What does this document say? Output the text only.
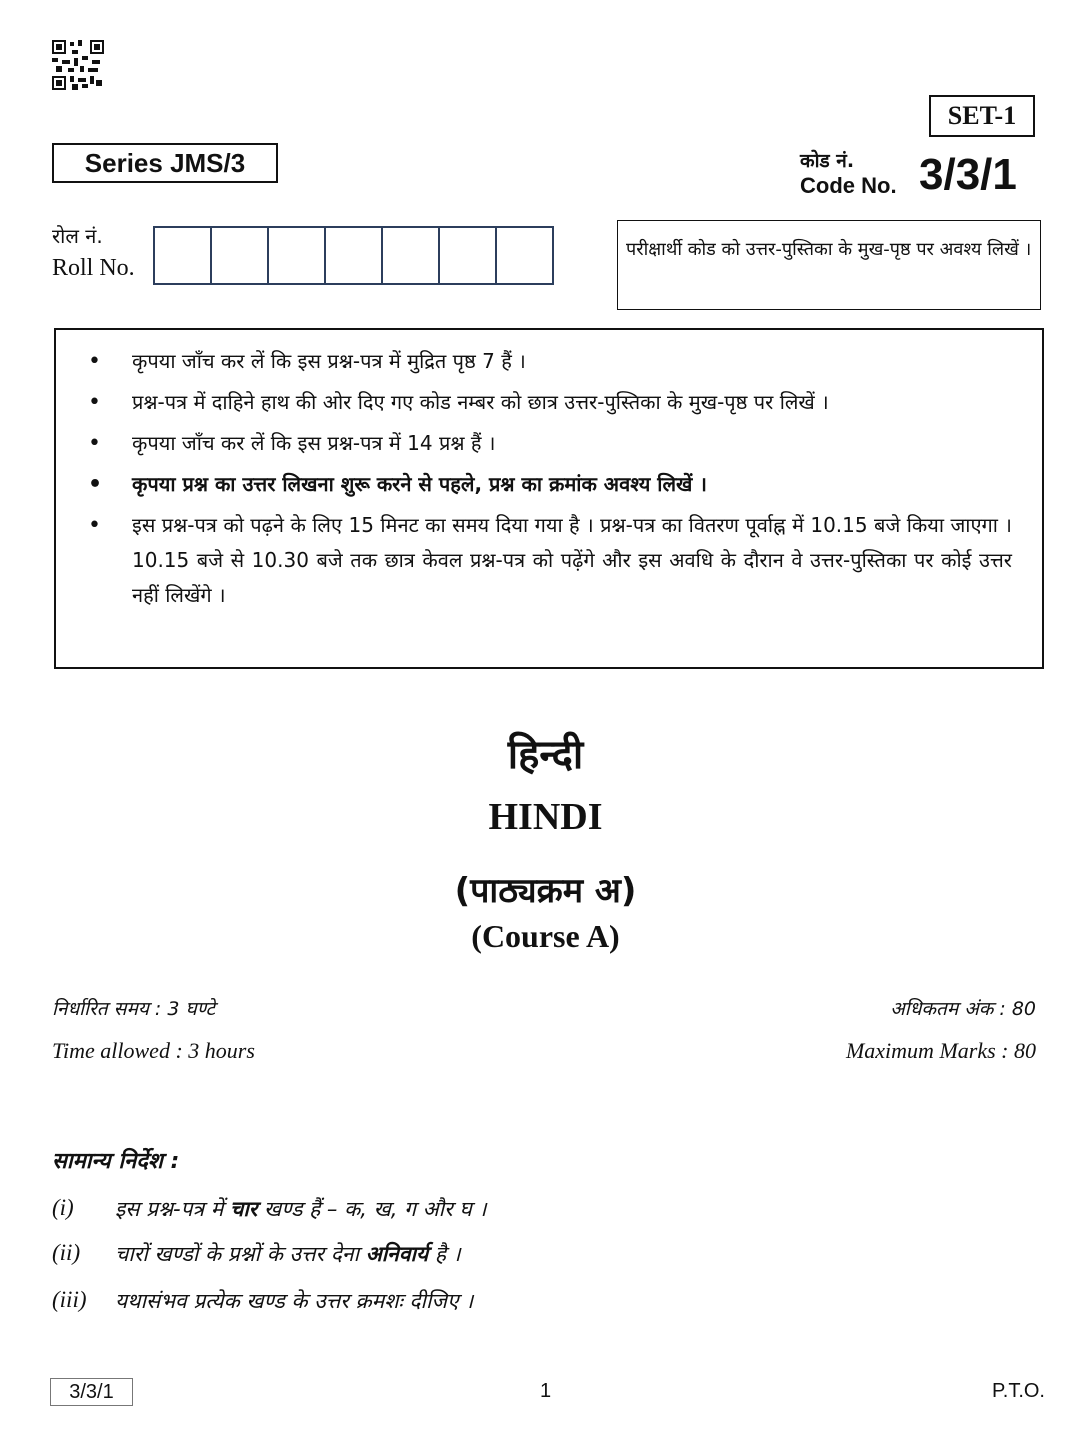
SET-1
Series JMS/3	कोड नं.
Code No. 3/3/1
रोल नं.
Roll No.
परीक्षार्थी कोड को उत्तर-पुस्तिका के मुख-पृष्ठ पर अवश्य लिखें ।
• कृपया जाँच कर लें कि इस प्रश्न-पत्र में मुद्रित पृष्ठ 7 हैं ।
• प्रश्न-पत्र में दाहिने हाथ की ओर दिए गए कोड नम्बर को छात्र उत्तर-पुस्तिका के मुख-पृष्ठ पर लिखें ।
• कृपया जाँच कर लें कि इस प्रश्न-पत्र में 14 प्रश्न हैं ।
• कृपया प्रश्न का उत्तर लिखना शुरू करने से पहले, प्रश्न का क्रमांक अवश्य लिखें ।
• इस प्रश्न-पत्र को पढ़ने के लिए 15 मिनट का समय दिया गया है । प्रश्न-पत्र का वितरण पूर्वाह्न में 10.15 बजे किया जाएगा । 10.15 बजे से 10.30 बजे तक छात्र केवल प्रश्न-पत्र को पढ़ेंगे और इस अवधि के दौरान वे उत्तर-पुस्तिका पर कोई उत्तर नहीं लिखेंगे ।
हिन्दी
HINDI
(पाठ्यक्रम अ)
(Course A)
निर्धारित समय : 3 घण्टे
Time allowed : 3 hours
अधिकतम अंक : 80
Maximum Marks : 80
सामान्य निर्देश :
(i)	इस प्रश्न-पत्र में चार खण्ड हैं – क, ख, ग और घ ।
(ii)	चारों खण्डों के प्रश्नों के उत्तर देना अनिवार्य है ।
(iii)	यथासंभव प्रत्येक खण्ड के उत्तर क्रमशः दीजिए ।
3/3/1	1	P.T.O.
